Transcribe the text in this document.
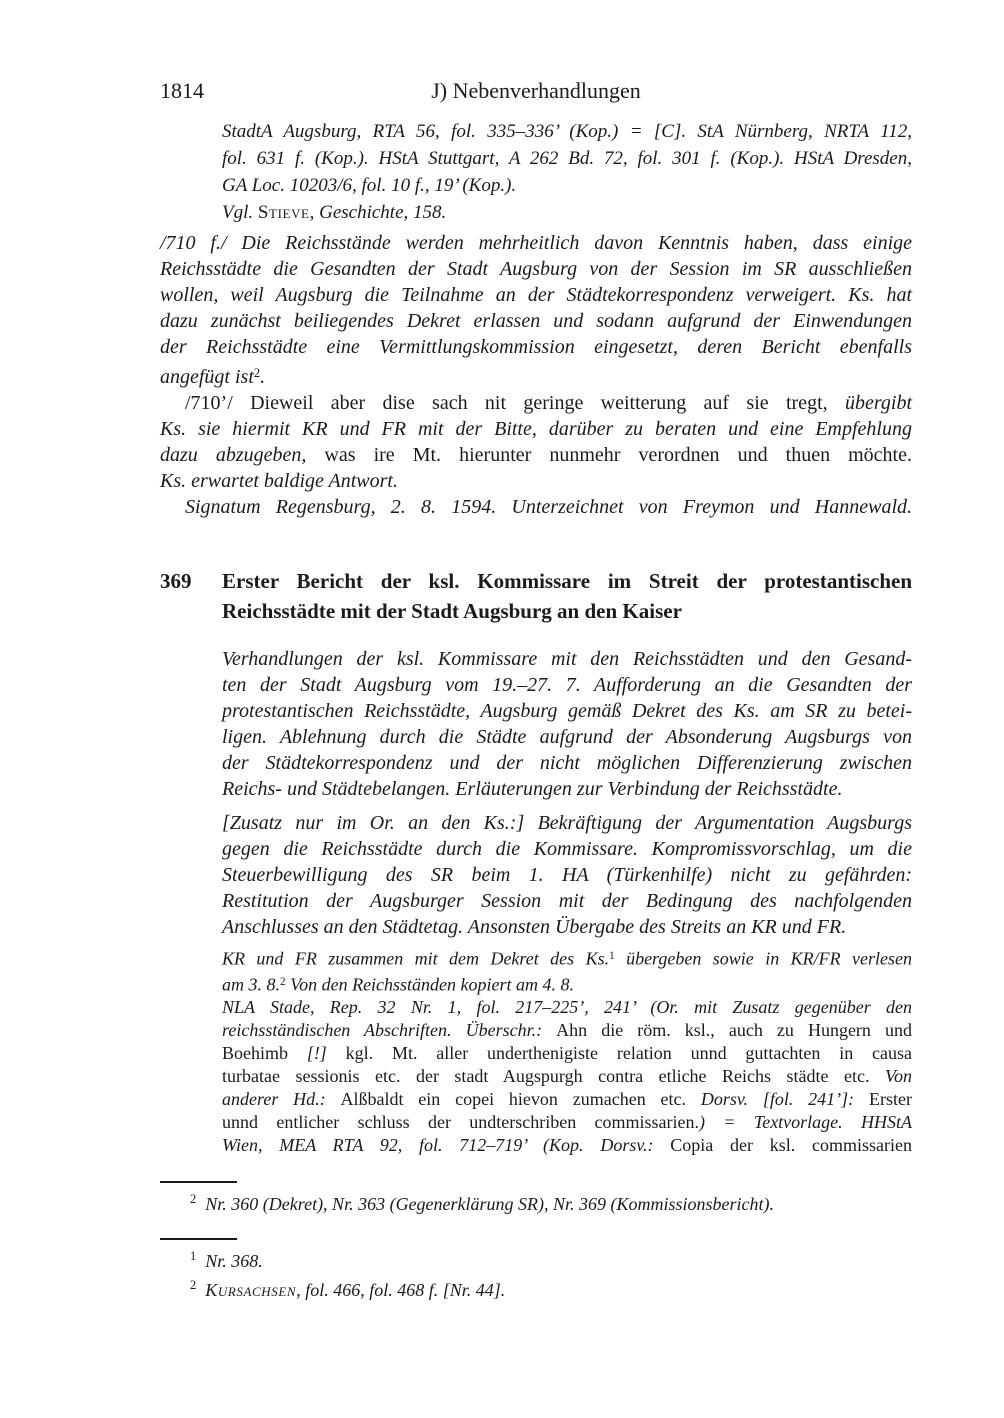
1814	J) Nebenverhandlungen
StadtA Augsburg, RTA 56, fol. 335–336’ (Kop.) = [C]. StA Nürnberg, NRTA 112,
fol. 631 f. (Kop.). HStA Stuttgart, A 262 Bd. 72, fol. 301 f. (Kop.). HStA Dresden,
GA Loc. 10203/6, fol. 10 f., 19’ (Kop.).
Vgl. Stieve, Geschichte, 158.
/710 f./ Die Reichsstände werden mehrheitlich davon Kenntnis haben, dass einige
Reichsstädte die Gesandten der Stadt Augsburg von der Session im SR ausschließen
wollen, weil Augsburg die Teilnahme an der Städtekorrespondenz verweigert. Ks. hat
dazu zunächst beiliegendes Dekret erlassen und sodann aufgrund der Einwendungen
der Reichsstädte eine Vermittlungskommission eingesetzt, deren Bericht ebenfalls
angefügt ist$^2$.
/710’/ Dieweil aber dise sach nit geringe weitterung auf sie tregt, übergibt
Ks. sie hiermit KR und FR mit der Bitte, darüber zu beraten und eine Empfehlung
dazu abzugeben, was ire Mt. hierunter nunmehr verordnen und thuen möchte.
Ks. erwartet baldige Antwort.
Signatum Regensburg, 2. 8. 1594. Unterzeichnet von Freymon und Hannewald.
369 Erster Bericht der ksl. Kommissare im Streit der protestantischen
Reichsstädte mit der Stadt Augsburg an den Kaiser
Verhandlungen der ksl. Kommissare mit den Reichsstädten und den Gesand-
ten der Stadt Augsburg vom 19.–27. 7. Aufforderung an die Gesandten der
protestantischen Reichsstädte, Augsburg gemäß Dekret des Ks. am SR zu betei-
ligen. Ablehnung durch die Städte aufgrund der Absonderung Augsburgs von
der Städtekorrespondenz und der nicht möglichen Differenzierung zwischen
Reichs- und Städtebelangen. Erläuterungen zur Verbindung der Reichsstädte.
[Zusatz nur im Or. an den Ks.:] Bekräftigung der Argumentation Augsburgs
gegen die Reichsstädte durch die Kommissare. Kompromissvorschlag, um die
Steuerbewilligung des SR beim 1. HA (Türkenhilfe) nicht zu gefährden:
Restitution der Augsburger Session mit der Bedingung des nachfolgenden
Anschlusses an den Städtetag. Ansonsten Übergabe des Streits an KR und FR.
KR und FR zusammen mit dem Dekret des Ks.$^1$ übergeben sowie in KR/FR verlesen
am 3. 8.$^2$ Von den Reichsständen kopiert am 4. 8.
NLA Stade, Rep. 32 Nr. 1, fol. 217–225’, 241’ (Or. mit Zusatz gegenüber den
reichsständischen Abschriften. Überschr.: Ahn die röm. ksl., auch zu Hungern und
Boehimb [!] kgl. Mt. aller underthenigiste relation unnd guttachten in causa
turbatae sessionis etc. der stadt Augspurgh contra etliche Reichs städte etc. Von
anderer Hd.: Alßbaldt ein copei hievon zumachen etc. Dorsv. [fol. 241’]: Erster
unnd entlicher schluss der undterschriben commissarien.) = Textvorlage. HHStA
Wien, MEA RTA 92, fol. 712–719’ (Kop. Dorsv.: Copia der ksl. commissarien
$^2$ Nr. 360 (Dekret), Nr. 363 (Gegenerklärung SR), Nr. 369 (Kommissionsbericht).
$^1$ Nr. 368.
$^2$ Kursachsen, fol. 466, fol. 468 f. [Nr. 44].
